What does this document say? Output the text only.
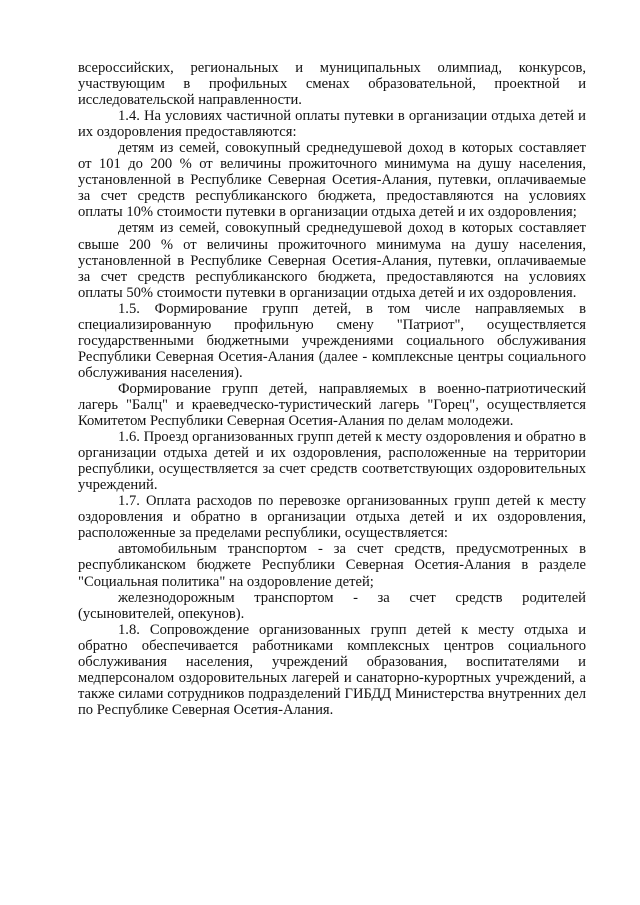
всероссийских, региональных и муниципальных олимпиад, конкурсов, участвующим в профильных сменах образовательной, проектной и исследовательской направленности.

1.4. На условиях частичной оплаты путевки в организации отдыха детей и их оздоровления предоставляются:

детям из семей, совокупный среднедушевой доход в которых составляет от 101 до 200 % от величины прожиточного минимума на душу населения, установленной в Республике Северная Осетия-Алания, путевки, оплачиваемые за счет средств республиканского бюджета, предоставляются на условиях оплаты 10% стоимости путевки в организации отдыха детей и их оздоровления;

детям из семей, совокупный среднедушевой доход в которых составляет свыше 200 % от величины прожиточного минимума на душу населения, установленной в Республике Северная Осетия-Алания, путевки, оплачиваемые за счет средств республиканского бюджета, предоставляются на условиях оплаты 50% стоимости путевки в организации отдыха детей и их оздоровления.

1.5. Формирование групп детей, в том числе направляемых в специализированную профильную смену "Патриот", осуществляется государственными бюджетными учреждениями социального обслуживания Республики Северная Осетия-Алания (далее - комплексные центры социального обслуживания населения).

Формирование групп детей, направляемых в военно-патриотический лагерь "Балц" и краеведческо-туристический лагерь "Горец", осуществляется Комитетом Республики Северная Осетия-Алания по делам молодежи.

1.6. Проезд организованных групп детей к месту оздоровления и обратно в организации отдыха детей и их оздоровления, расположенные на территории республики, осуществляется за счет средств соответствующих оздоровительных учреждений.

1.7. Оплата расходов по перевозке организованных групп детей к месту оздоровления и обратно в организации отдыха детей и их оздоровления, расположенные за пределами республики, осуществляется:

автомобильным транспортом - за счет средств, предусмотренных в республиканском бюджете Республики Северная Осетия-Алания в разделе "Социальная политика" на оздоровление детей;

железнодорожным транспортом - за счет средств родителей (усыновителей, опекунов).

1.8. Сопровождение организованных групп детей к месту отдыха и обратно обеспечивается работниками комплексных центров социального обслуживания населения, учреждений образования, воспитателями и медперсоналом оздоровительных лагерей и санаторно-курортных учреждений, а также силами сотрудников подразделений ГИБДД Министерства внутренних дел по Республике Северная Осетия-Алания.
